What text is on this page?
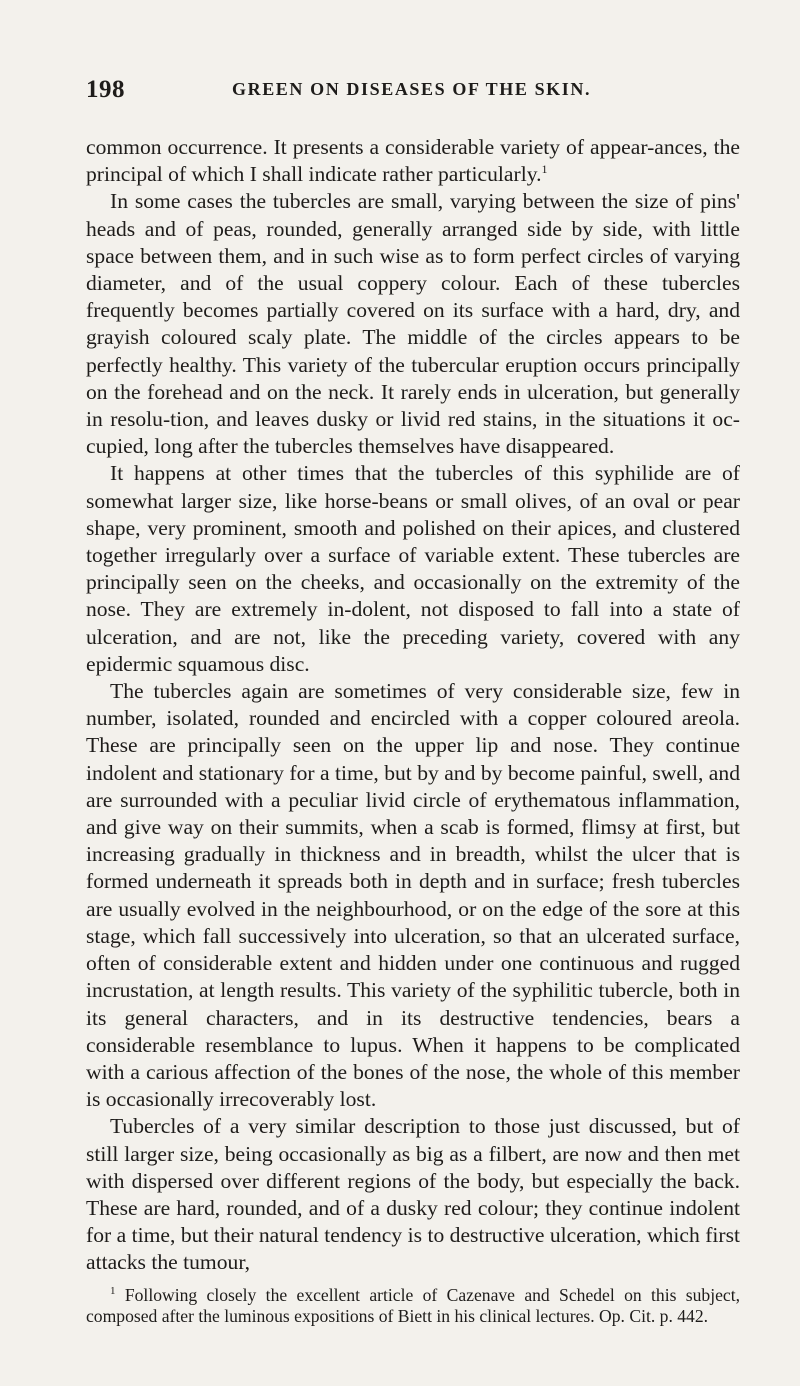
198	GREEN ON DISEASES OF THE SKIN.

common occurrence. It presents a considerable variety of appear-ances, the principal of which I shall indicate rather particularly.$^1$

In some cases the tubercles are small, varying between the size of pins' heads and of peas, rounded, generally arranged side by side, with little space between them, and in such wise as to form perfect circles of varying diameter, and of the usual coppery colour. Each of these tubercles frequently becomes partially covered on its surface with a hard, dry, and grayish coloured scaly plate. The middle of the circles appears to be perfectly healthy. This variety of the tubercular eruption occurs principally on the forehead and on the neck. It rarely ends in ulceration, but generally in resolu-tion, and leaves dusky or livid red stains, in the situations it oc-cupied, long after the tubercles themselves have disappeared.

It happens at other times that the tubercles of this syphilide are of somewhat larger size, like horse-beans or small olives, of an oval or pear shape, very prominent, smooth and polished on their apices, and clustered together irregularly over a surface of variable extent. These tubercles are principally seen on the cheeks, and occasionally on the extremity of the nose. They are extremely in-dolent, not disposed to fall into a state of ulceration, and are not, like the preceding variety, covered with any epidermic squamous disc.

The tubercles again are sometimes of very considerable size, few in number, isolated, rounded and encircled with a copper coloured areola. These are principally seen on the upper lip and nose. They continue indolent and stationary for a time, but by and by become painful, swell, and are surrounded with a peculiar livid circle of erythematous inflammation, and give way on their summits, when a scab is formed, flimsy at first, but increasing gradually in thickness and in breadth, whilst the ulcer that is formed underneath it spreads both in depth and in surface; fresh tubercles are usually evolved in the neighbourhood, or on the edge of the sore at this stage, which fall successively into ulceration, so that an ulcerated surface, often of considerable extent and hidden under one continuous and rugged incrustation, at length results. This variety of the syphilitic tubercle, both in its general characters, and in its destructive tendencies, bears a considerable resemblance to lupus. When it happens to be complicated with a carious affection of the bones of the nose, the whole of this member is occasionally irrecoverably lost.

Tubercles of a very similar description to those just discussed, but of still larger size, being occasionally as big as a filbert, are now and then met with dispersed over different regions of the body, but especially the back. These are hard, rounded, and of a dusky red colour; they continue indolent for a time, but their natural tendency is to destructive ulceration, which first attacks the tumour,

$^1$ Following closely the excellent article of Cazenave and Schedel on this subject, composed after the luminous expositions of Biett in his clinical lectures. Op. Cit. p. 442.
